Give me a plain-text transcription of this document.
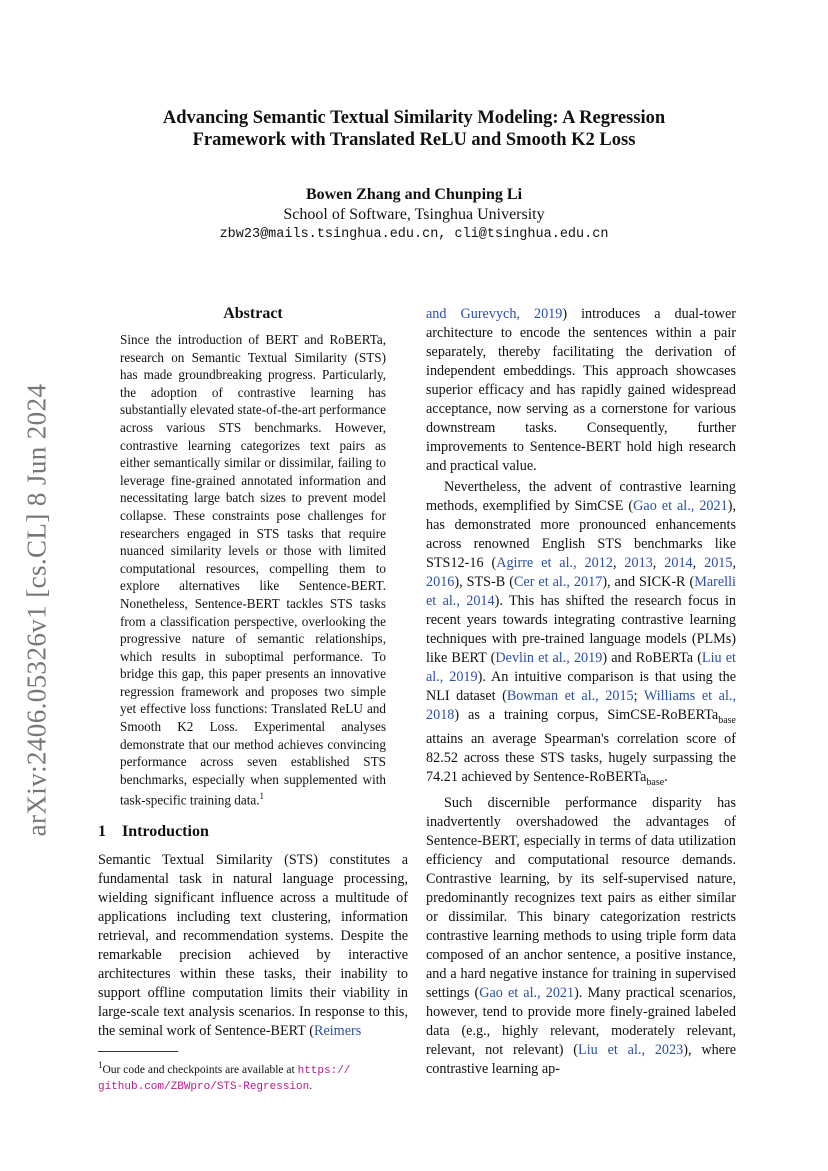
arXiv:2406.05326v1 [cs.CL] 8 Jun 2024
Advancing Semantic Textual Similarity Modeling: A Regression
Framework with Translated ReLU and Smooth K2 Loss
Bowen Zhang and Chunping Li
School of Software, Tsinghua University
zbw23@mails.tsinghua.edu.cn, cli@tsinghua.edu.cn
Abstract
Since the introduction of BERT and RoBERTa, research on Semantic Textual Similarity (STS) has made groundbreaking progress. Particularly, the adoption of contrastive learning has substantially elevated state-of-the-art performance across various STS benchmarks. However, contrastive learning categorizes text pairs as either semantically similar or dissimilar, failing to leverage fine-grained annotated information and necessitating large batch sizes to prevent model collapse. These constraints pose challenges for researchers engaged in STS tasks that require nuanced similarity levels or those with limited computational resources, compelling them to explore alternatives like Sentence-BERT. Nonetheless, Sentence-BERT tackles STS tasks from a classification perspective, overlooking the progressive nature of semantic relationships, which results in suboptimal performance. To bridge this gap, this paper presents an innovative regression framework and proposes two simple yet effective loss functions: Translated ReLU and Smooth K2 Loss. Experimental analyses demonstrate that our method achieves convincing performance across seven established STS benchmarks, especially when supplemented with task-specific training data.$^1$
1 Introduction

Semantic Textual Similarity (STS) constitutes a fundamental task in natural language processing, wielding significant influence across a multitude of applications including text clustering, information retrieval, and recommendation systems. Despite the remarkable precision achieved by interactive architectures within these tasks, their inability to support offline computation limits their viability in large-scale text analysis scenarios. In response to this, the seminal work of Sentence-BERT (Reimers

$^1$Our code and checkpoints are available at https://
github.com/ZBWpro/STS-Regression.

and Gurevych, 2019) introduces a dual-tower architecture to encode the sentences within a pair separately, thereby facilitating the derivation of independent embeddings. This approach showcases superior efficacy and has rapidly gained widespread acceptance, now serving as a cornerstone for various downstream tasks. Consequently, further improvements to Sentence-BERT hold high research and practical value.

Nevertheless, the advent of contrastive learning methods, exemplified by SimCSE (Gao et al., 2021), has demonstrated more pronounced enhancements across renowned English STS benchmarks like STS12-16 (Agirre et al., 2012, 2013, 2014, 2015, 2016), STS-B (Cer et al., 2017), and SICK-R (Marelli et al., 2014). This has shifted the research focus in recent years towards integrating contrastive learning techniques with pre-trained language models (PLMs) like BERT (Devlin et al., 2019) and RoBERTa (Liu et al., 2019). An intuitive comparison is that using the NLI dataset (Bowman et al., 2015; Williams et al., 2018) as a training corpus, SimCSE-RoBERTa$_{base}$ attains an average Spearman's correlation score of 82.52 across these STS tasks, hugely surpassing the 74.21 achieved by Sentence-RoBERTa$_{base}$.

Such discernible performance disparity has inadvertently overshadowed the advantages of Sentence-BERT, especially in terms of data utilization efficiency and computational resource demands. Contrastive learning, by its self-supervised nature, predominantly recognizes text pairs as either similar or dissimilar. This binary categorization restricts contrastive learning methods to using triple form data composed of an anchor sentence, a positive instance, and a hard negative instance for training in supervised settings (Gao et al., 2021). Many practical scenarios, however, tend to provide more finely-grained labeled data (e.g., highly relevant, moderately relevant, relevant, not relevant) (Liu et al., 2023), where contrastive learning ap-
